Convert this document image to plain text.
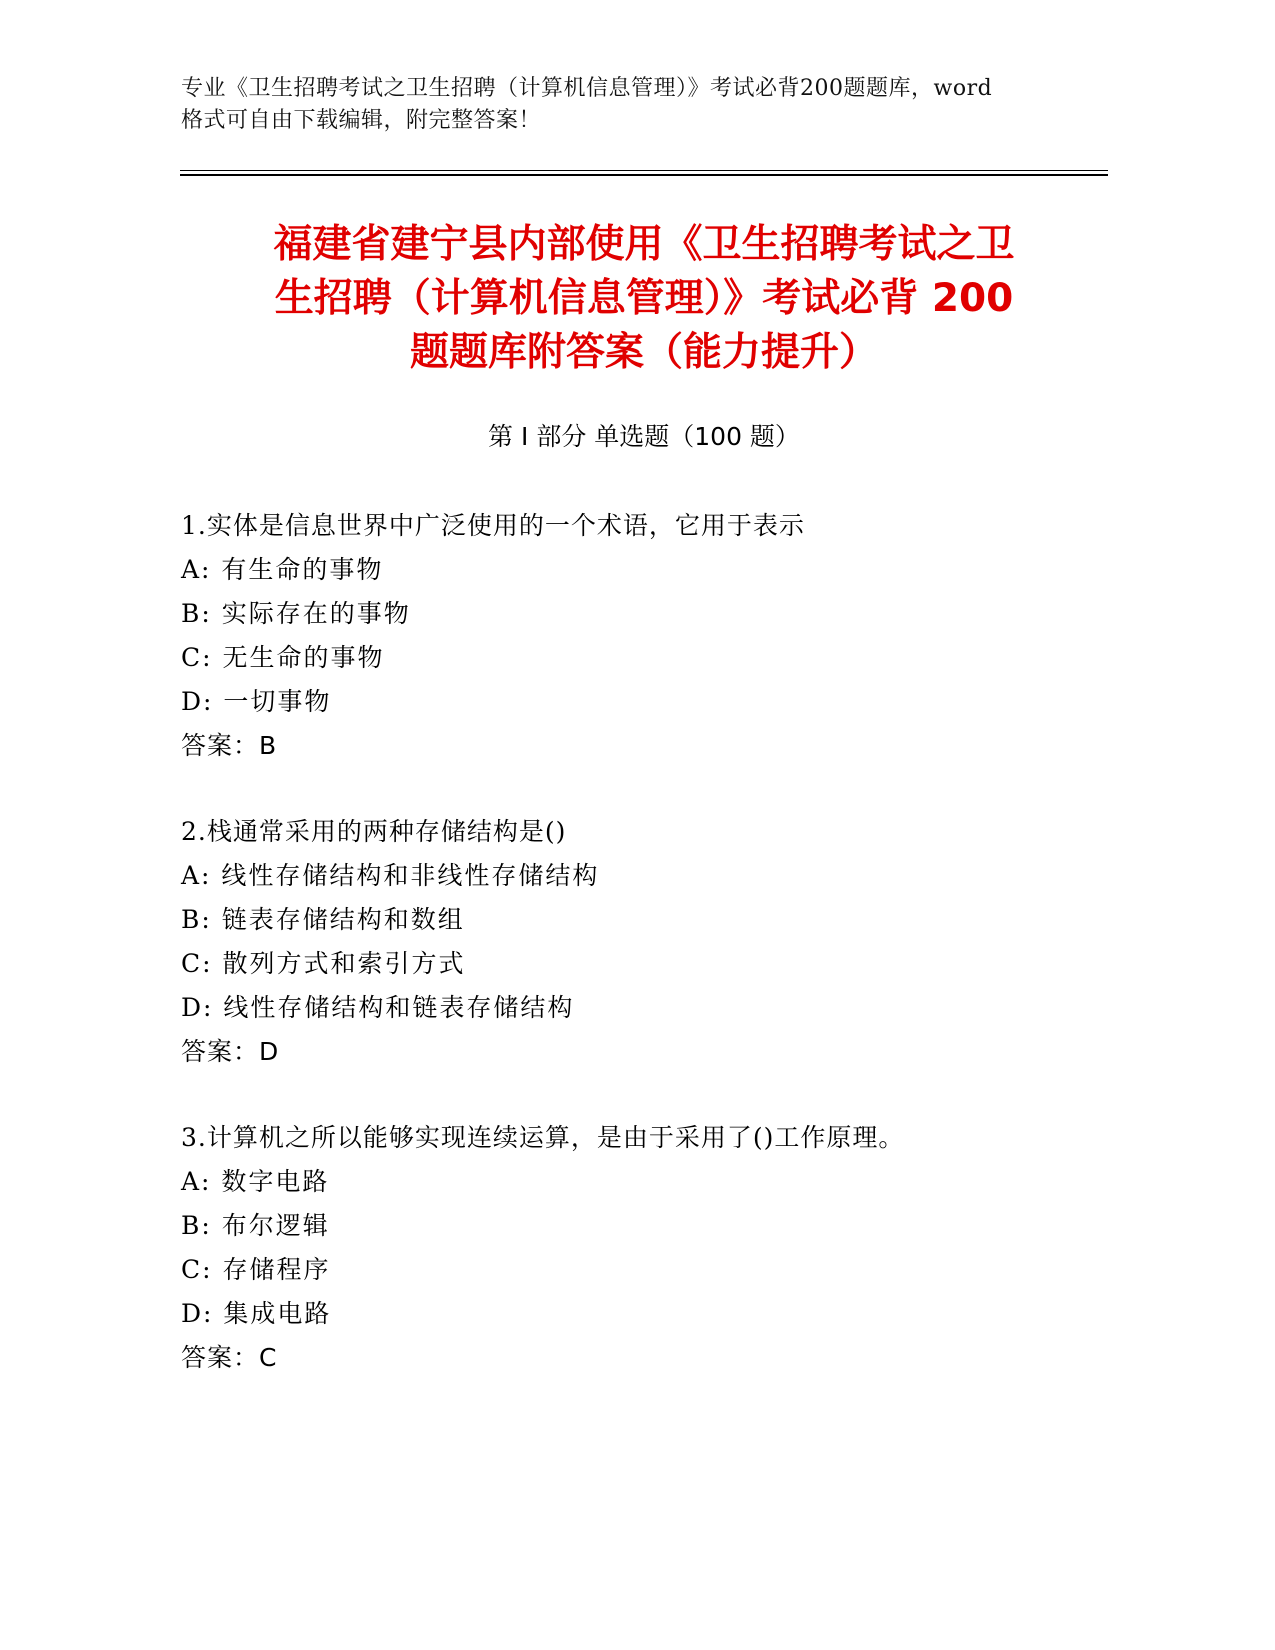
专业《卫生招聘考试之卫生招聘（计算机信息管理）》考试必背200题题库，word
格式可自由下载编辑，附完整答案！
福建省建宁县内部使用《卫生招聘考试之卫
生招聘（计算机信息管理）》考试必背 200
题题库附答案（能力提升）
第 I 部分 单选题（100 题）
1.实体是信息世界中广泛使用的一个术语，它用于表示
A: 有生命的事物
B: 实际存在的事物
C: 无生命的事物
D: 一切事物
答案：B
2.栈通常采用的两种存储结构是()
A: 线性存储结构和非线性存储结构
B: 链表存储结构和数组
C: 散列方式和索引方式
D: 线性存储结构和链表存储结构
答案：D
3.计算机之所以能够实现连续运算，是由于采用了()工作原理。
A: 数字电路
B: 布尔逻辑
C: 存储程序
D: 集成电路
答案：C
